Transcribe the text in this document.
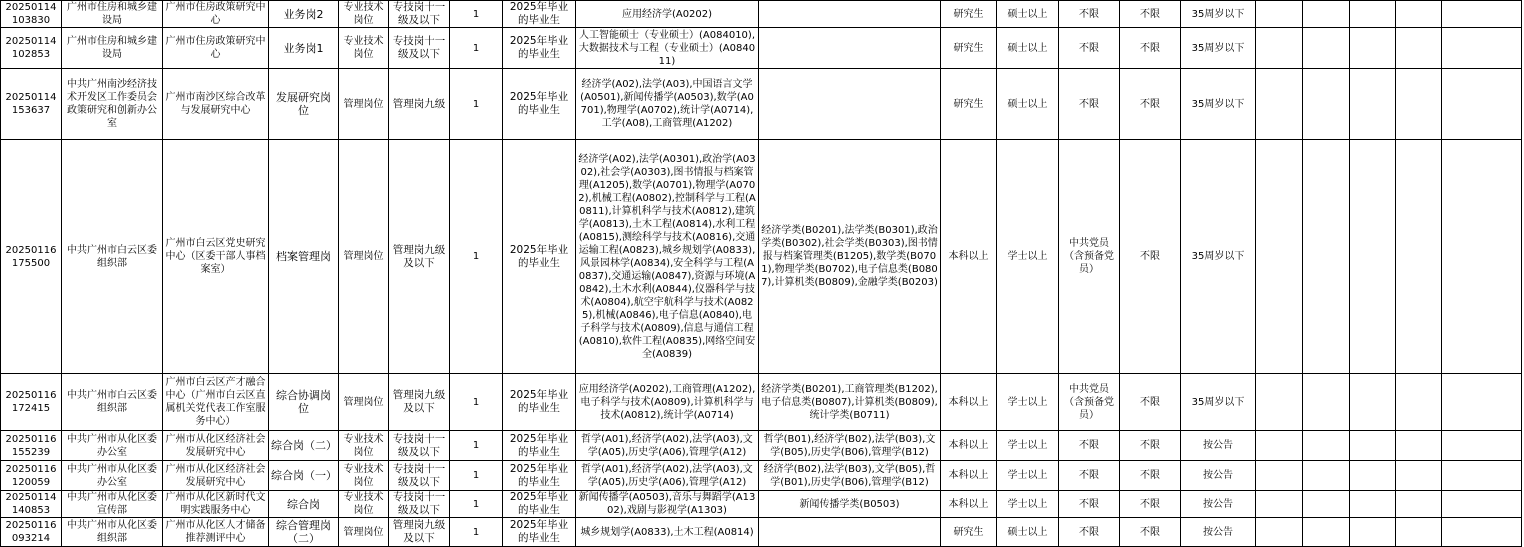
20250114103830	广州市住房和城乡建设局	广州市住房政策研究中心	业务岗2	专业技术岗位	专技岗十一级及以下	1	2025年毕业的毕业生	应用经济学(A0202)		研究生	硕士以上	不限	不限	35周岁以下					
20250114102853	广州市住房和城乡建设局	广州市住房政策研究中心	业务岗1	专业技术岗位	专技岗十一级及以下	1	2025年毕业的毕业生	人工智能硕士（专业硕士）(A084010),大数据技术与工程（专业硕士）(A084011)		研究生	硕士以上	不限	不限	35周岁以下					
20250114153637	中共广州南沙经济技术开发区工作委员会政策研究和创新办公室	广州市南沙区综合改革与发展研究中心	发展研究岗位	管理岗位	管理岗九级	1	2025年毕业的毕业生	经济学(A02),法学(A03),中国语言文学(A0501),新闻传播学(A0503),数学(A0701),物理学(A0702),统计学(A0714),工学(A08),工商管理(A1202)		研究生	硕士以上	不限	不限	35周岁以下					
20250116175500	中共广州市白云区委组织部	广州市白云区党史研究中心（区委干部人事档案室）	档案管理岗	管理岗位	管理岗九级及以下	1	2025年毕业的毕业生	经济学(A02),法学(A0301),政治学(A0302),社会学(A0303),图书情报与档案管理(A1205),数学(A0701),物理学(A0702),机械工程(A0802),控制科学与工程(A0811),计算机科学与技术(A0812),建筑学(A0813),土木工程(A0814),水利工程(A0815),测绘科学与技术(A0816),交通运输工程(A0823),城乡规划学(A0833),风景园林学(A0834),安全科学与工程(A0837),交通运输(A0847),资源与环境(A0842),土木水利(A0844),仪器科学与技术(A0804),航空宇航科学与技术(A0825),机械(A0846),电子信息(A0840),电子科学与技术(A0809),信息与通信工程(A0810),软件工程(A0835),网络空间安全(A0839)	经济学类(B0201),法学类(B0301),政治学类(B0302),社会学类(B0303),图书情报与档案管理类(B1205),数学类(B0701),物理学类(B0702),电子信息类(B0807),计算机类(B0809),金融学类(B0203)	本科以上	学士以上	中共党员（含预备党员）	不限	35周岁以下					
20250116172415	中共广州市白云区委组织部	广州市白云区产才融合中心（广州市白云区直属机关党代表工作室服务中心）	综合协调岗位	管理岗位	管理岗九级及以下	1	2025年毕业的毕业生	应用经济学(A0202),工商管理(A1202),电子科学与技术(A0809),计算机科学与技术(A0812),统计学(A0714)	经济学类(B0201),工商管理类(B1202),电子信息类(B0807),计算机类(B0809),统计学类(B0711)	本科以上	学士以上	中共党员（含预备党员）	不限	35周岁以下					
20250116155239	中共广州市从化区委办公室	广州市从化区经济社会发展研究中心	综合岗（二）	专业技术岗位	专技岗十一级及以下	1	2025年毕业的毕业生	哲学(A01),经济学(A02),法学(A03),文学(A05),历史学(A06),管理学(A12)	哲学(B01),经济学(B02),法学(B03),文学(B05),历史学(B06),管理学(B12)	本科以上	学士以上	不限	不限	按公告					
20250116120059	中共广州市从化区委办公室	广州市从化区经济社会发展研究中心	综合岗（一）	专业技术岗位	专技岗十一级及以下	1	2025年毕业的毕业生	哲学(A01),经济学(A02),法学(A03),文学(A05),历史学(A06),管理学(A12)	经济学(B02),法学(B03),文学(B05),哲学(B01),历史学(B06),管理学(B12)	本科以上	学士以上	不限	不限	按公告					
20250114140853	中共广州市从化区委宣传部	广州市从化区新时代文明实践服务中心	综合岗	专业技术岗位	专技岗十一级及以下	1	2025年毕业的毕业生	新闻传播学(A0503),音乐与舞蹈学(A1302),戏剧与影视学(A1303)	新闻传播学类(B0503)	本科以上	学士以上	不限	不限	按公告					
20250116093214	中共广州市从化区委组织部	广州市从化区人才储备推荐测评中心	综合管理岗（二）	管理岗位	管理岗九级及以下	1	2025年毕业的毕业生	城乡规划学(A0833),土木工程(A0814)		研究生	硕士以上	不限	不限	按公告					
